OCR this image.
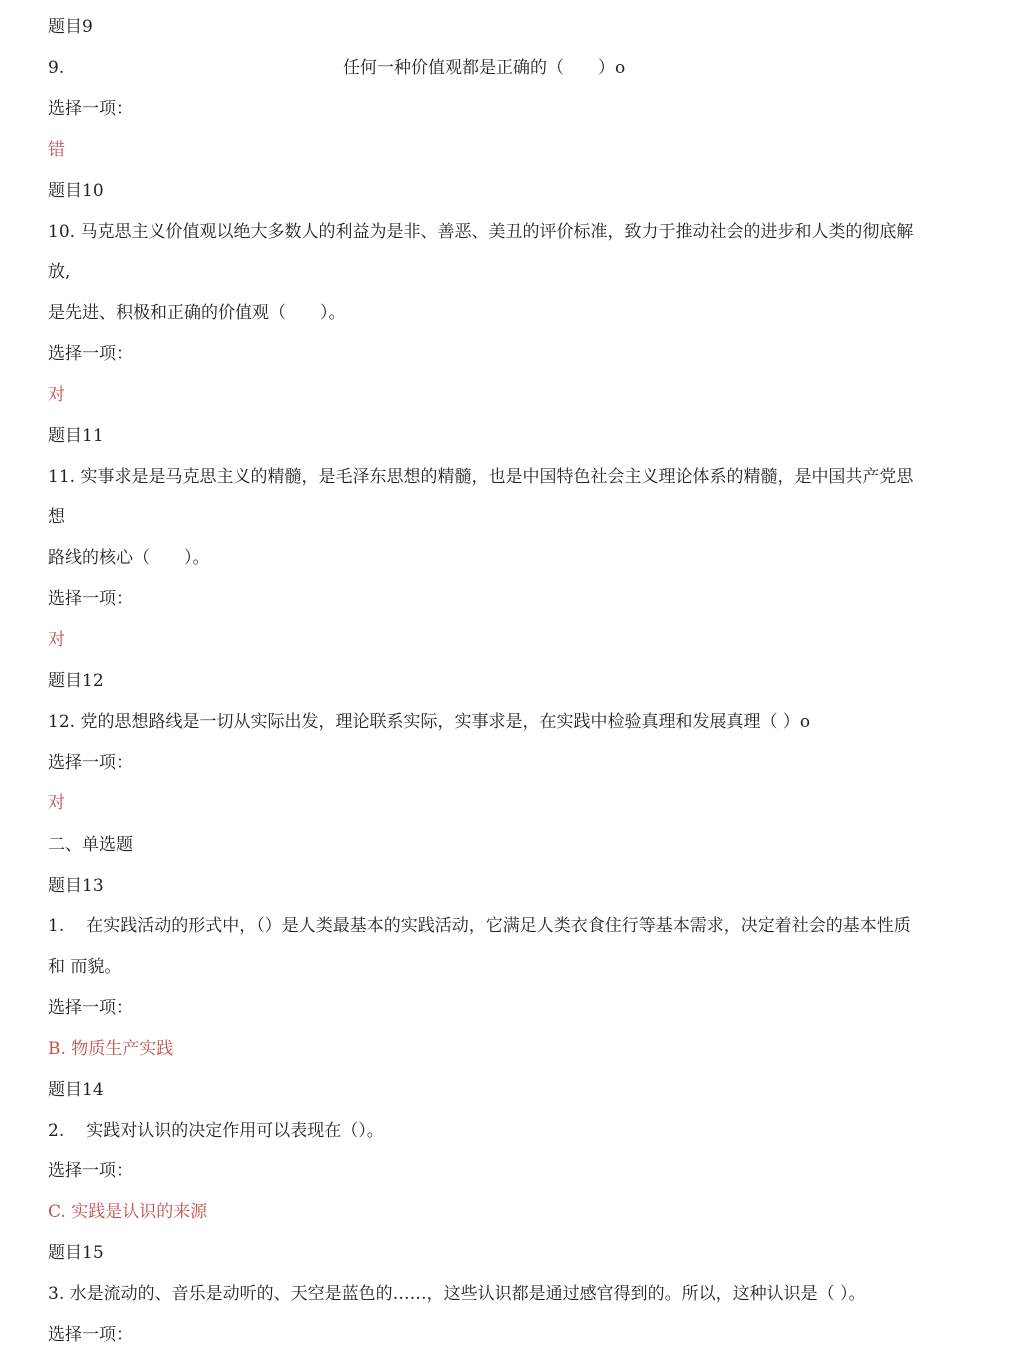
题目9
9.	任何一种价值观都是正确的（　　）o
选择一项：
错
题目10
10. 马克思主义价值观以绝大多数人的利益为是非、善恶、美丑的评价标准，致力于推动社会的进步和人类的彻底解
放,
是先进、积极和正确的价值观（　　）。
选择一项：
对
题目11
11. 实事求是是马克思主义的精髓，是毛泽东思想的精髓，也是中国特色社会主义理论体系的精髓，是中国共产党思
想
路线的核心（　　）。
选择一项：
对
题目12
12. 党的思想路线是一切从实际出发，理论联系实际，实事求是，在实践中检验真理和发展真理（ ）o
选择一项：
对
二、单选题
题目13
1. 在实践活动的形式中，（）是人类最基本的实践活动，它满足人类衣食住行等基本需求，决定着社会的基本性质
和 而貌。
选择一项：
B. 物质生产实践
题目14
2. 实践对认识的决定作用可以表现在（）。
选择一项：
C. 实践是认识的来源
题目15
3. 水是流动的、音乐是动听的、天空是蓝色的……，这些认识都是通过感官得到的。所以，这种认识是（ ）。
选择一项：
